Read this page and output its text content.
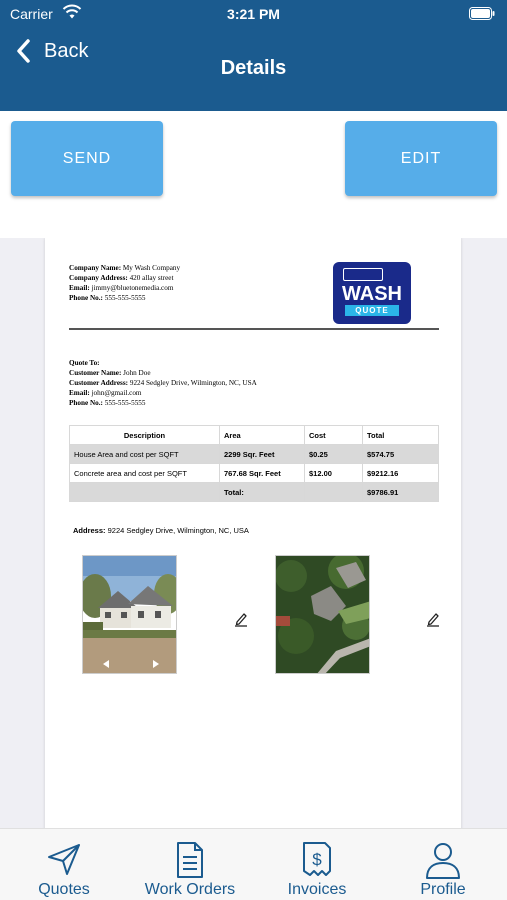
Carrier	3:21 PM
Back
Details
SEND	EDIT
Company Name: My Wash Company
Company Address: 420 allay street
Email: jimmy@bluetonemedia.com
Phone No.: 555-555-5555	WASH
QUOTE
Quote To:
Customer Name: John Doe
Customer Address: 9224 Sedgley Drive, Wilmington, NC, USA
Email: john@gmail.com
Phone No.: 555-555-5555
Description	Area	Cost	Total
House Area and cost per SQFT	2299 Sqr. Feet	$0.25	$574.75
Concrete area and cost per SQFT	767.68 Sqr. Feet	$12.00	$9212.16
	Total:		$9786.91
Address: 9224 Sedgley Drive, Wilmington, NC, USA
Quotes	Work Orders
$
Invoices	Profile
